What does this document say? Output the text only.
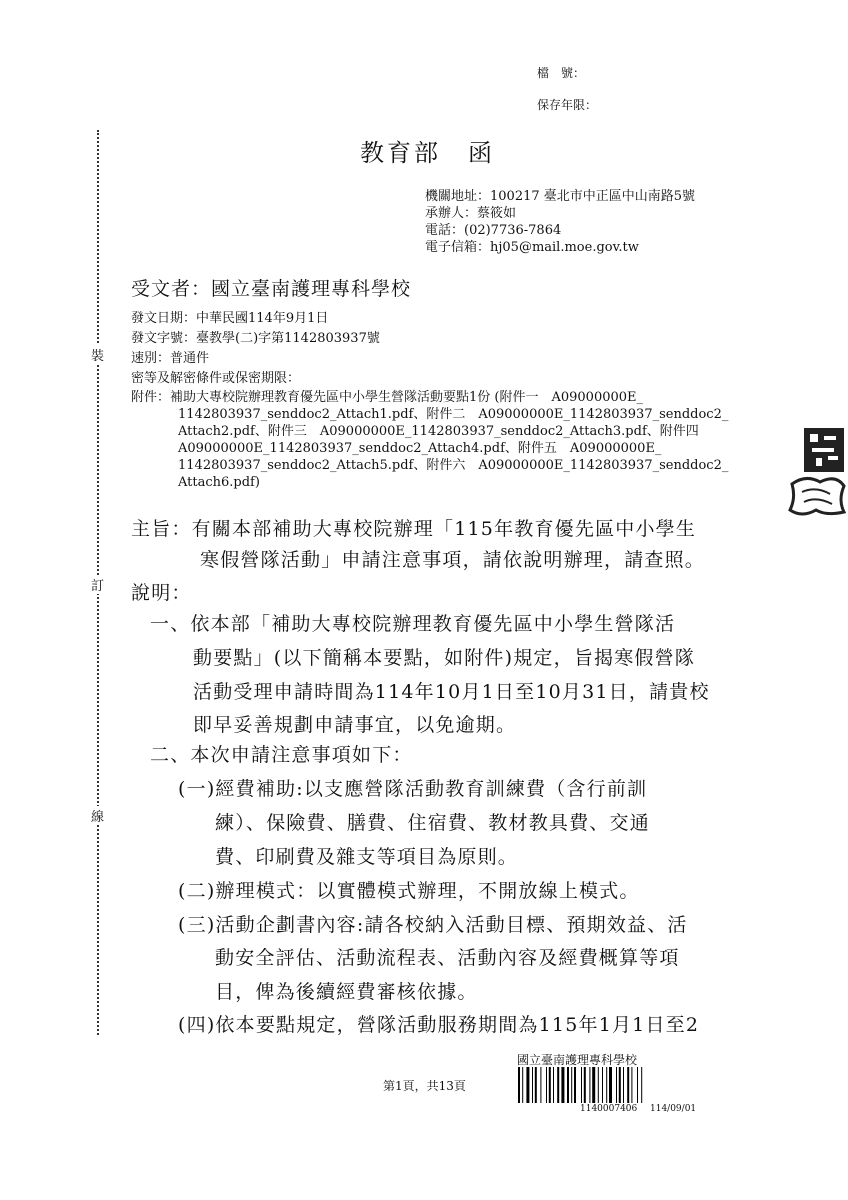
檔　號：
保存年限：
裝
訂
線
教育部　函
機關地址：100217 臺北市中正區中山南路5號
承辦人：蔡筱如
電話：(02)7736-7864
電子信箱：hj05@mail.moe.gov.tw
受文者：國立臺南護理專科學校
發文日期：中華民國114年9月1日
發文字號：臺教學(二)字第1142803937號
速別：普通件
密等及解密條件或保密期限：
附件：補助大專校院辦理教育優先區中小學生營隊活動要點1份 (附件一　A09000000E_
1142803937_senddoc2_Attach1.pdf、附件二　A09000000E_1142803937_senddoc2_
Attach2.pdf、附件三　A09000000E_1142803937_senddoc2_Attach3.pdf、附件四
A09000000E_1142803937_senddoc2_Attach4.pdf、附件五　A09000000E_
1142803937_senddoc2_Attach5.pdf、附件六　A09000000E_1142803937_senddoc2_
Attach6.pdf)
主旨：有關本部補助大專校院辦理「115年教育優先區中小學生
寒假營隊活動」申請注意事項，請依說明辦理，請查照。
說明：
一、依本部「補助大專校院辦理教育優先區中小學生營隊活
動要點」(以下簡稱本要點，如附件)規定，旨揭寒假營隊
活動受理申請時間為114年10月1日至10月31日，請貴校
即早妥善規劃申請事宜，以免逾期。
二、本次申請注意事項如下：
(一)經費補助:以支應營隊活動教育訓練費（含行前訓
練）、保險費、膳費、住宿費、教材教具費、交通
費、印刷費及雜支等項目為原則。
(二)辦理模式：以實體模式辦理，不開放線上模式。
(三)活動企劃書內容:請各校納入活動目標、預期效益、活
動安全評估、活動流程表、活動內容及經費概算等項
目，俾為後續經費審核依據。
(四)依本要點規定，營隊活動服務期間為115年1月1日至2
第1頁，共13頁
國立臺南護理專科學校
1140007406 114/09/01
